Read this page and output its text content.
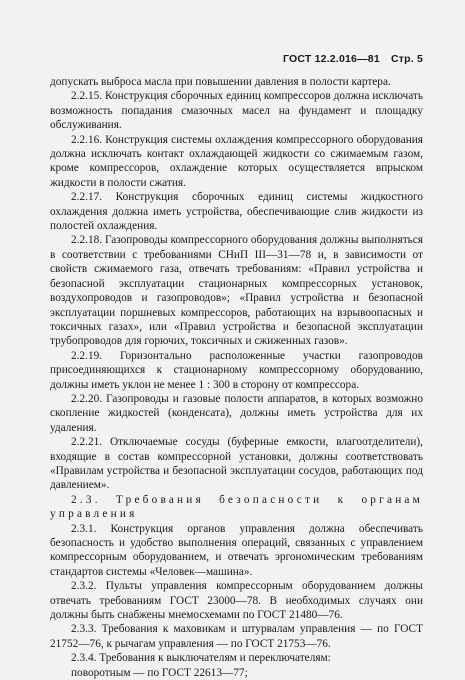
ГОСТ 12.2.016—81 Стр. 5

допускать выброса масла при повышении давления в полости картера.

2.2.15. Конструкция сборочных единиц компрессоров должна исключать возможность попадания смазочных масел на фундамент и площадку обслуживания.

2.2.16. Конструкция системы охлаждения компрессорного оборудования должна исключать контакт охлаждающей жидкости со сжимаемым газом, кроме компрессоров, охлаждение которых осуществляется впрыском жидкости в полости сжатия.

2.2.17. Конструкция сборочных единиц системы жидкостного охлаждения должна иметь устройства, обеспечивающие слив жидкости из полостей охлаждения.

2.2.18. Газопроводы компрессорного оборудования должны выполняться в соответствии с требованиями СНиП III—31—78 и, в зависимости от свойств сжимаемого газа, отвечать требованиям: «Правил устройства и безопасной эксплуатации стационарных компрессорных установок, воздухопроводов и газопроводов»; «Правил устройства и безопасной эксплуатации поршневых компрессоров, работающих на взрывоопасных и токсичных газах», или «Правил устройства и безопасной эксплуатации трубопроводов для горючих, токсичных и сжиженных газов».

2.2.19. Горизонтально расположенные участки газопроводов присоединяющихся к стационарному компрессорному оборудованию, должны иметь уклон не менее 1 : 300 в сторону от компрессора.

2.2.20. Газопроводы и газовые полости аппаратов, в которых возможно скопление жидкостей (конденсата), должны иметь устройства для их удаления.

2.2.21. Отключаемые сосуды (буферные емкости, влагоотделители), входящие в состав компрессорной установки, должны соответствовать «Правилам устройства и безопасной эксплуатации сосудов, работающих под давлением».

2.3. Требования безопасности к органам управления

2.3.1. Конструкция органов управления должна обеспечивать безопасность и удобство выполнения операций, связанных с управлением компрессорным оборудованием, и отвечать эргономическим требованиям стандартов системы «Человек—машина».

2.3.2. Пульты управления компрессорным оборудованием должны отвечать требованиям ГОСТ 23000—78. В необходимых случаях они должны быть снабжены мнемосхемами по ГОСТ 21480—76.

2.3.3. Требования к маховикам и штурвалам управления — по ГОСТ 21752—76, к рычагам управления — по ГОСТ 21753—76.

2.3.4. Требования к выключателям и переключателям:

поворотным — по ГОСТ 22613—77;
